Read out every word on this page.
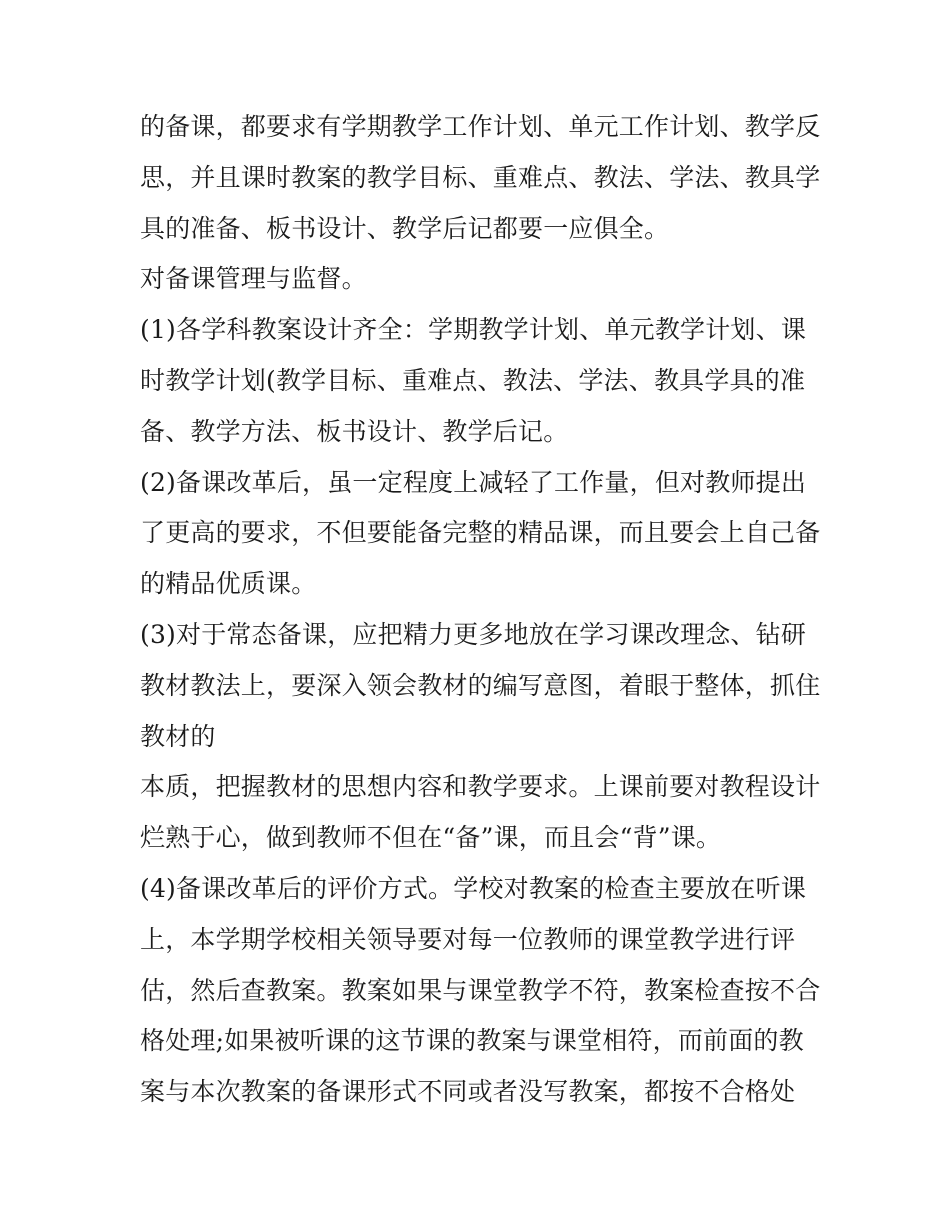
的备课，都要求有学期教学工作计划、单元工作计划、教学反
思，并且课时教案的教学目标、重难点、教法、学法、教具学
具的准备、板书设计、教学后记都要一应俱全。
对备课管理与监督。
(1)各学科教案设计齐全：学期教学计划、单元教学计划、课
时教学计划(教学目标、重难点、教法、学法、教具学具的准
备、教学方法、板书设计、教学后记。
(2)备课改革后，虽一定程度上减轻了工作量，但对教师提出
了更高的要求，不但要能备完整的精品课，而且要会上自己备
的精品优质课。
(3)对于常态备课，应把精力更多地放在学习课改理念、钻研
教材教法上，要深入领会教材的编写意图，着眼于整体，抓住
教材的
本质，把握教材的思想内容和教学要求。上课前要对教程设计
烂熟于心，做到教师不但在“备”课，而且会“背”课。
(4)备课改革后的评价方式。学校对教案的检查主要放在听课
上，本学期学校相关领导要对每一位教师的课堂教学进行评
估，然后查教案。教案如果与课堂教学不符，教案检查按不合
格处理;如果被听课的这节课的教案与课堂相符，而前面的教
案与本次教案的备课形式不同或者没写教案，都按不合格处
